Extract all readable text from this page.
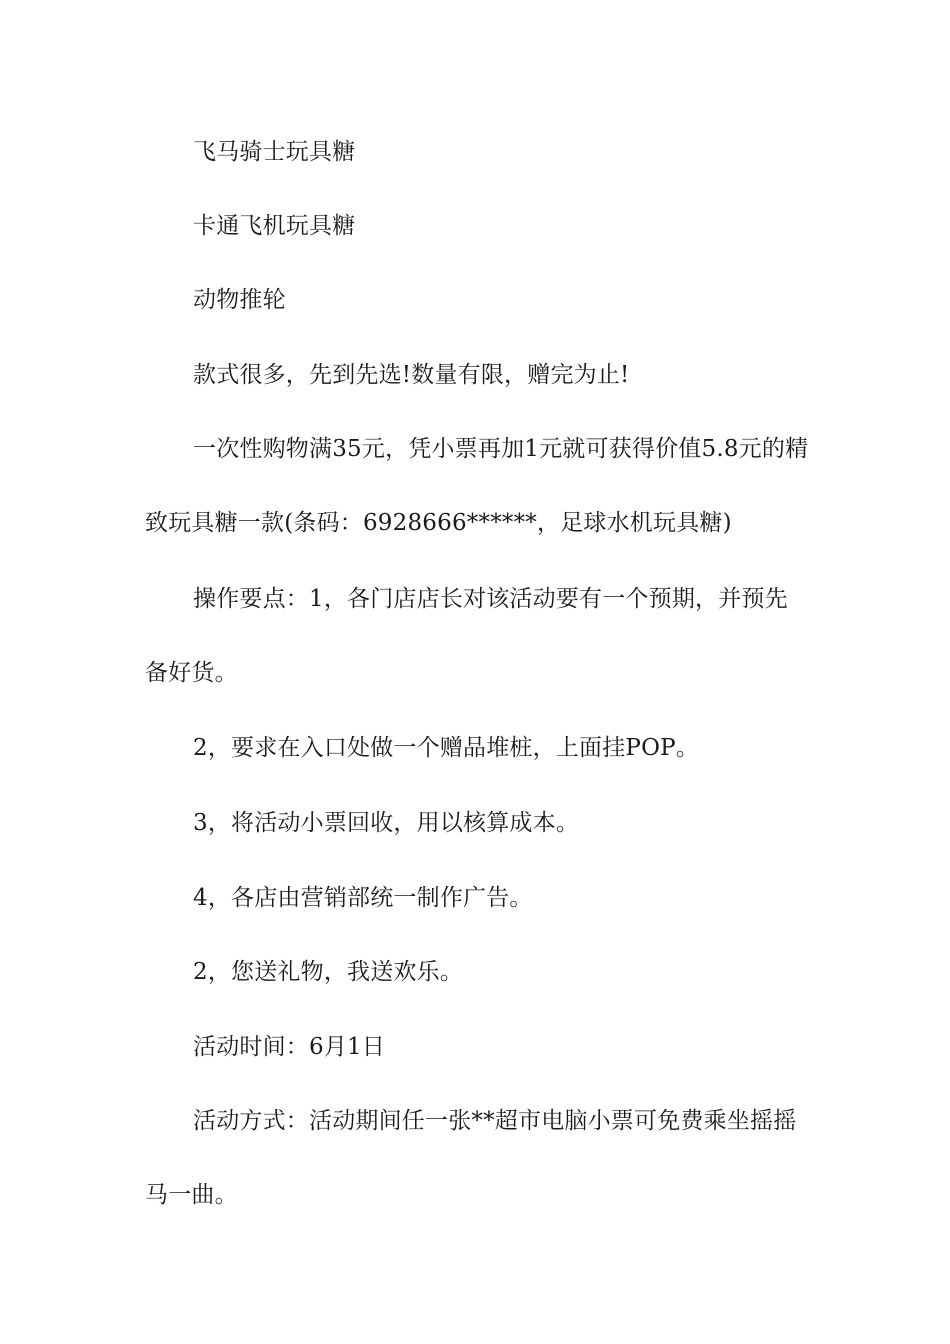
飞马骑士玩具糖

卡通飞机玩具糖

动物推轮

款式很多，先到先选!数量有限，赠完为止!

一次性购物满35元，凭小票再加1元就可获得价值5.8元的精致玩具糖一款(条码：6928666******，足球水机玩具糖)

操作要点：1，各门店店长对该活动要有一个预期，并预先备好货。

2，要求在入口处做一个赠品堆桩，上面挂POP。

3，将活动小票回收，用以核算成本。

4，各店由营销部统一制作广告。

2，您送礼物，我送欢乐。

活动时间：6月1日

活动方式：活动期间任一张**超市电脑小票可免费乘坐摇摇马一曲。
